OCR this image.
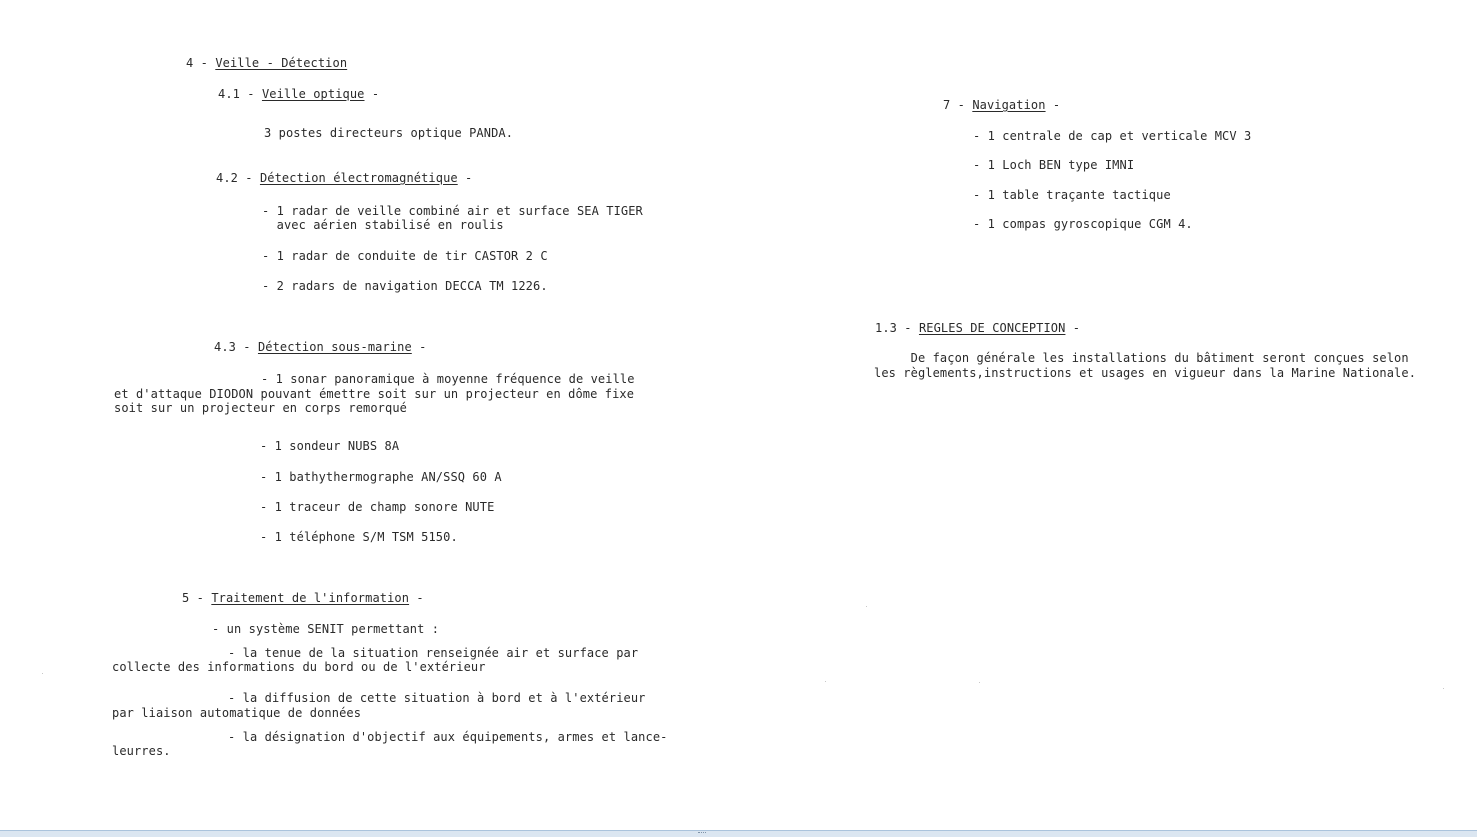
4 - Veille - Détection
4.1 - Veille optique -
3 postes directeurs optique PANDA.
4.2 - Détection électromagnétique -
- 1 radar de veille combiné air et surface SEA TIGER
avec aérien stabilisé en roulis
- 1 radar de conduite de tir CASTOR 2 C
- 2 radars de navigation DECCA TM 1226.
4.3 - Détection sous-marine -
- 1 sonar panoramique à moyenne fréquence de veille
et d'attaque DIODON pouvant émettre soit sur un projecteur en dôme fixe
soit sur un projecteur en corps remorqué
- 1 sondeur NUBS 8A
- 1 bathythermographe AN/SSQ 60 A
- 1 traceur de champ sonore NUTE
- 1 téléphone S/M TSM 5150.
5 - Traitement de l'information -
- un système SENIT permettant :
- la tenue de la situation renseignée air et surface par
collecte des informations du bord ou de l'extérieur
- la diffusion de cette situation à bord et à l'extérieur
par liaison automatique de données
- la désignation d'objectif aux équipements, armes et lance-
leurres.
7 - Navigation -
- 1 centrale de cap et verticale MCV 3
- 1 Loch BEN type IMNI
- 1 table traçante tactique
- 1 compas gyroscopique CGM 4.
1.3 - REGLES DE CONCEPTION -
De façon générale les installations du bâtiment seront conçues selon
les règlements,instructions et usages en vigueur dans la Marine Nationale.
